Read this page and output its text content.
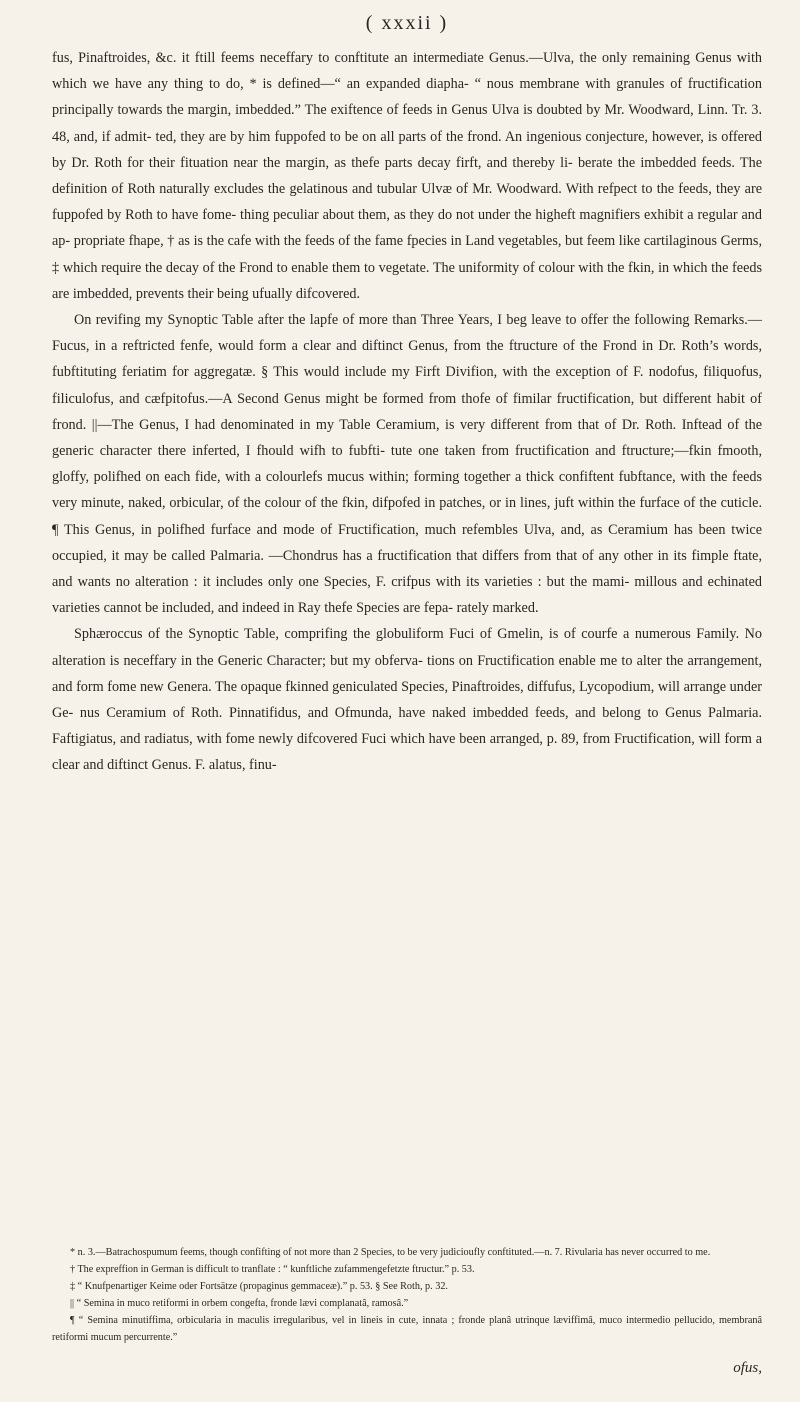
( xxxii )

fus, Pinaftroides, &c. it ftill feems neceffary to conftitute an intermediate Genus.—Ulva, the only remaining Genus with which we have any thing to do, * is defined—“ an expanded diapha- “ nous membrane with granules of fructification principally towards the margin, imbedded.” The exiftence of feeds in Genus Ulva is doubted by Mr. Woodward, Linn. Tr. 3. 48, and, if admit- ted, they are by him fuppofed to be on all parts of the frond. An ingenious conjecture, however, is offered by Dr. Roth for their fituation near the margin, as thefe parts decay firft, and thereby li- berate the imbedded feeds. The definition of Roth naturally excludes the gelatinous and tubular Ulvæ of Mr. Woodward. With refpect to the feeds, they are fuppofed by Roth to have fome- thing peculiar about them, as they do not under the higheft magnifiers exhibit a regular and ap- propriate fhape, † as is the cafe with the feeds of the fame fpecies in Land vegetables, but feem like cartilaginous Germs, ‡ which require the decay of the Frond to enable them to vegetate. The uniformity of colour with the fkin, in which the feeds are imbedded, prevents their being ufually difcovered.

On revifing my Synoptic Table after the lapfe of more than Three Years, I beg leave to offer the following Remarks.—Fucus, in a reftricted fenfe, would form a clear and diftinct Genus, from the ftructure of the Frond in Dr. Roth’s words, fubftituting feriatim for aggregatæ. § This would include my Firft Divifion, with the exception of F. nodofus, filiquofus, filiculofus, and cæfpitofus.—A Second Genus might be formed from thofe of fimilar fructification, but different habit of frond. ||—The Genus, I had denominated in my Table Ceramium, is very different from that of Dr. Roth. Inftead of the generic character there inferted, I fhould wifh to fubfti- tute one taken from fructification and ftructure;—fkin fmooth, gloffy, polifhed on each fide, with a colourlefs mucus within; forming together a thick confiftent fubftance, with the feeds very minute, naked, orbicular, of the colour of the fkin, difpofed in patches, or in lines, juft within the furface of the cuticle. ¶ This Genus, in polifhed furface and mode of Fructification, much refembles Ulva, and, as Ceramium has been twice occupied, it may be called Palmaria. —Chondrus has a fructification that differs from that of any other in its fimple ftate, and wants no alteration : it includes only one Species, F. crifpus with its varieties : but the mami- millous and echinated varieties cannot be included, and indeed in Ray thefe Species are fepa- rately marked.

Sphæroccus of the Synoptic Table, comprifing the globuliform Fuci of Gmelin, is of courfe a numerous Family. No alteration is neceffary in the Generic Character; but my obferva- tions on Fructification enable me to alter the arrangement, and form fome new Genera. The opaque fkinned geniculated Species, Pinaftroides, diffufus, Lycopodium, will arrange under Ge- nus Ceramium of Roth. Pinnatifidus, and Ofmunda, have naked imbedded feeds, and belong to Genus Palmaria. Faftigiatus, and radiatus, with fome newly difcovered Fuci which have been arranged, p. 89, from Fructification, will form a clear and diftinct Genus. F. alatus, finu-

* n. 3.—Batrachospumum feems, though confifting of not more than 2 Species, to be very judicioufly conftituted.—n. 7. Rivularia has never occurred to me.

† The expreffion in German is difficult to tranflate : “ kunftliche zufammengefetzte ftructur.” p. 53.

‡ “ Knufpenartiger Keime oder Fortsätze (propaginus gemmaceæ).” p. 53. § See Roth, p. 32.

|| “ Semina in muco retiformi in orbem congefta, fronde lævi complanatâ, ramosâ.”

¶ “ Semina minutiffima, orbicularia in maculis irregularibus, vel in lineis in cute, innata ; fronde planâ utrinque læviffimâ, muco intermedio pellucido, membranâ retiformi mucum percurrente.”

ofus,
